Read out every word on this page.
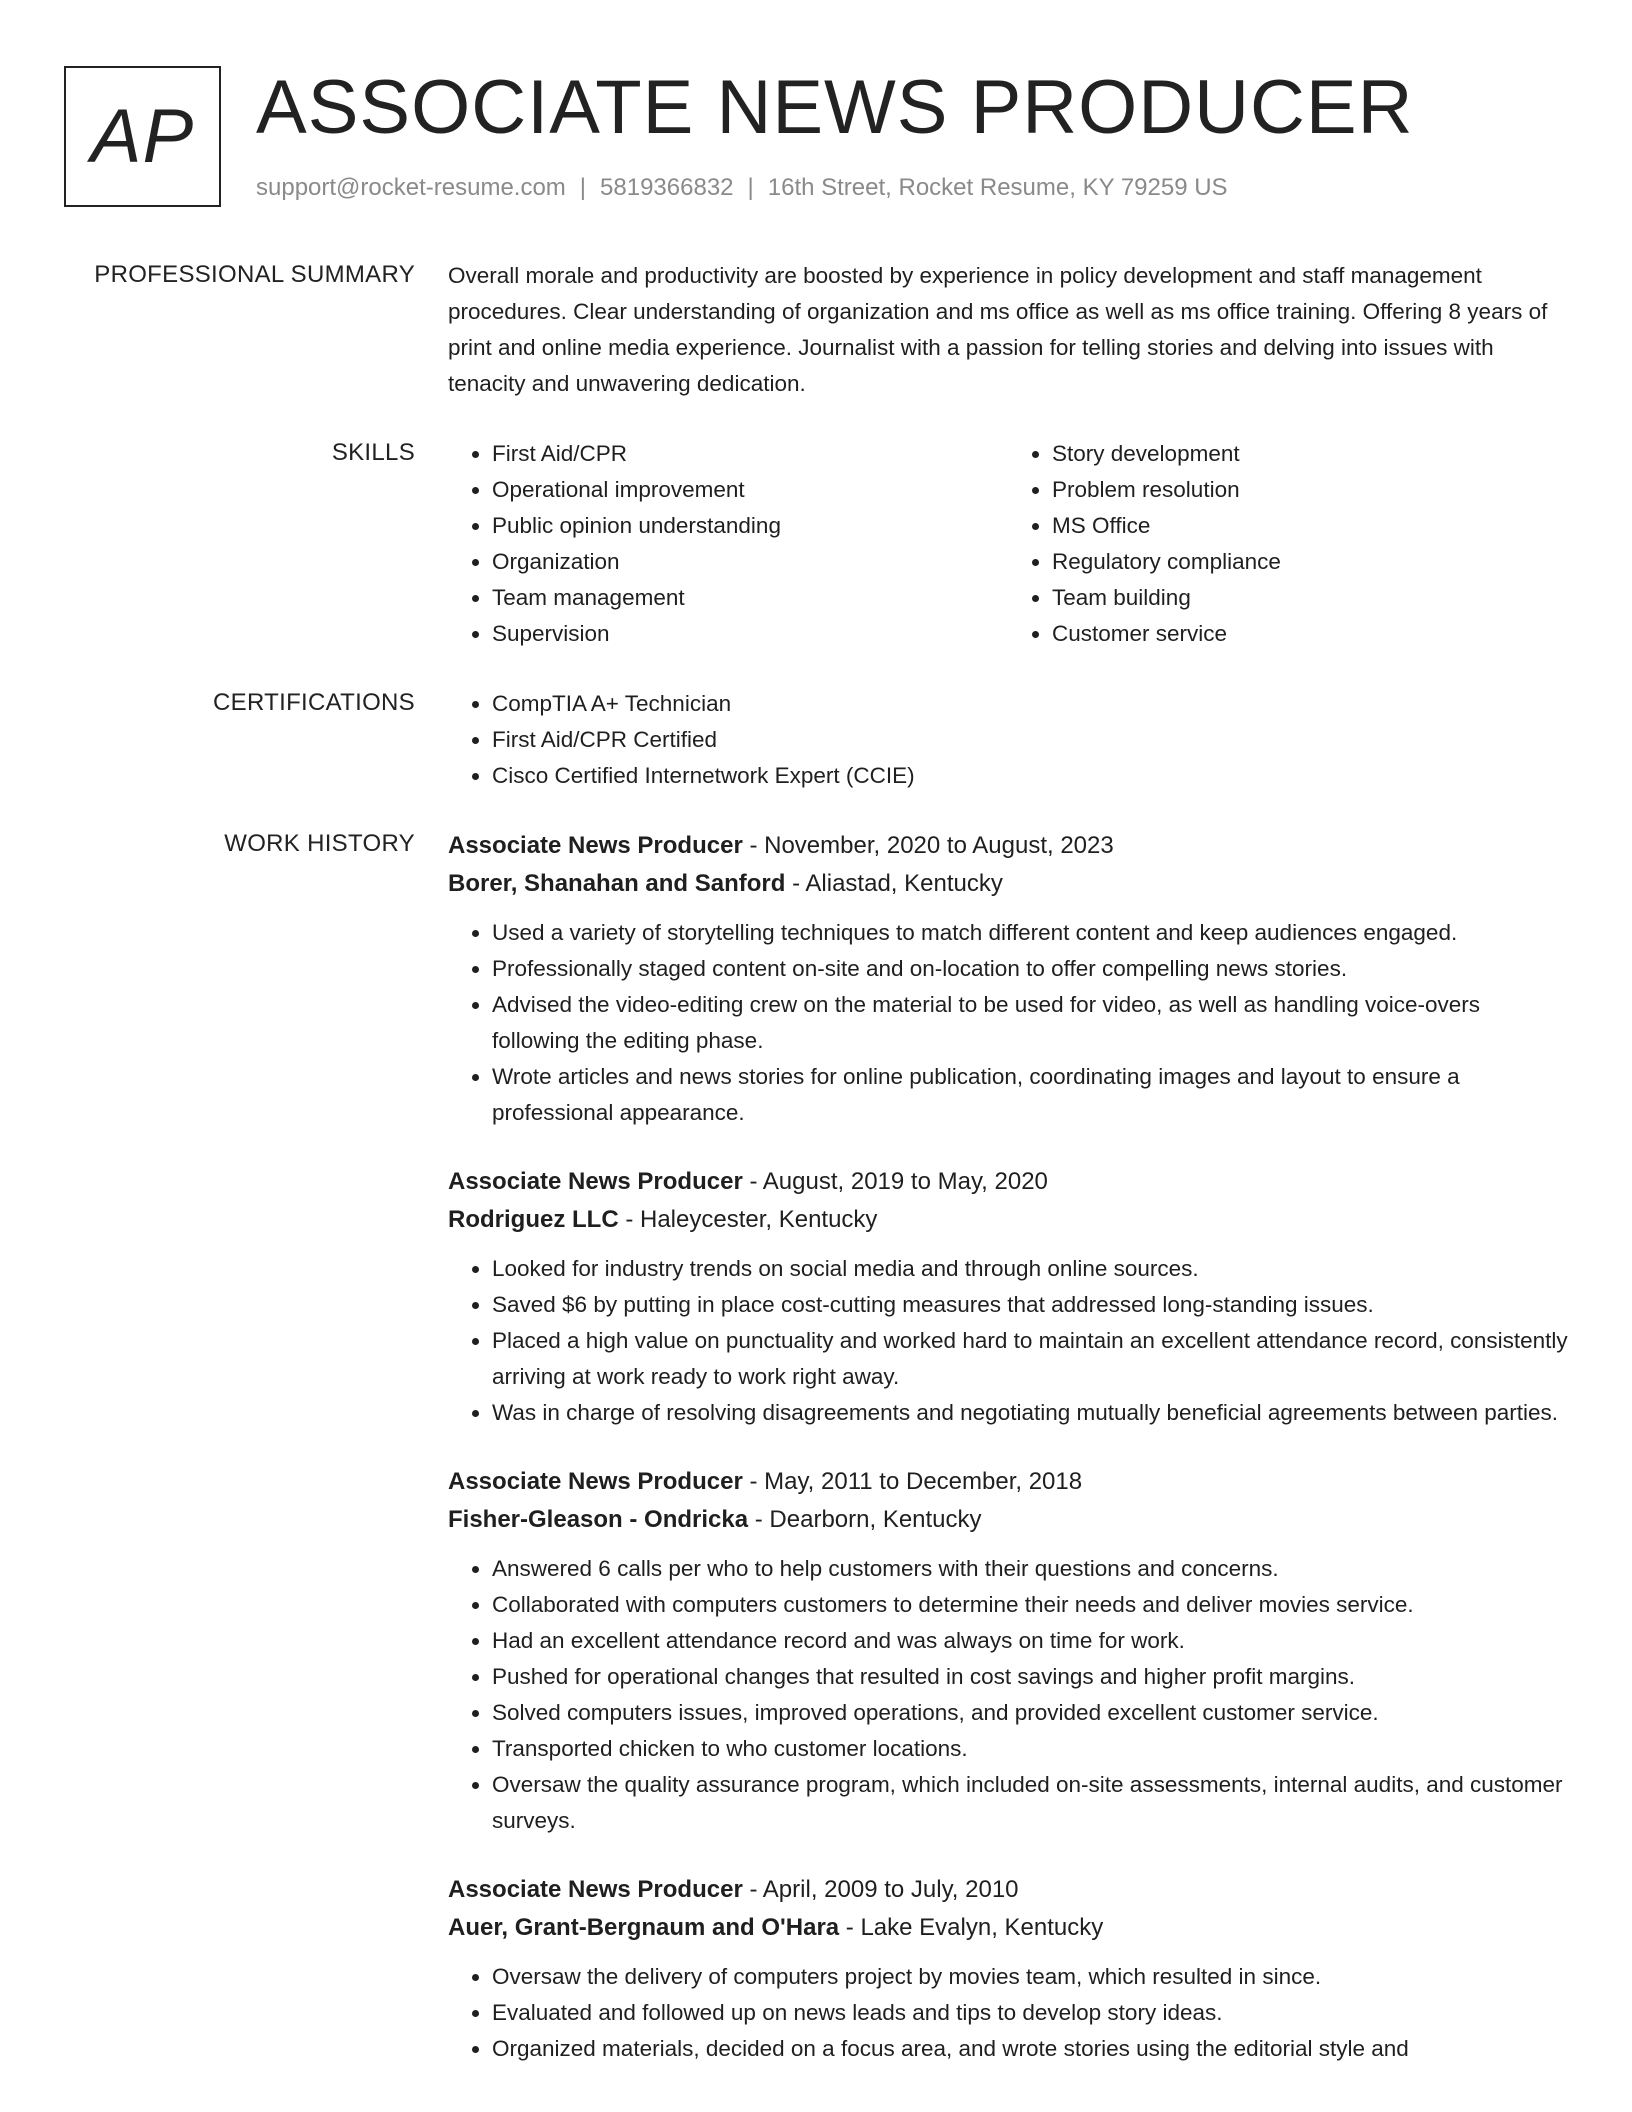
AP ASSOCIATE NEWS PRODUCER
support@rocket-resume.com | 5819366832 | 16th Street, Rocket Resume, KY 79259 US
PROFESSIONAL SUMMARY Overall morale and productivity are boosted by experience in policy development and staff management procedures. Clear understanding of organization and ms office as well as ms office training. Offering 8 years of print and online media experience. Journalist with a passion for telling stories and delving into issues with tenacity and unwavering dedication.

SKILLS	• First Aid/CPR
• Operational improvement
• Public opinion understanding
• Organization
• Team management
• Supervision
• Story development
• Problem resolution
• MS Office
• Regulatory compliance
• Team building
• Customer service
CERTIFICATIONS	• CompTIA A+ Technician
• First Aid/CPR Certified
• Cisco Certified Internetwork Expert (CCIE)
WORK HISTORY Associate News Producer - November, 2020 to August, 2023
Borer, Shanahan and Sanford - Aliastad, Kentucky
• Used a variety of storytelling techniques to match different content and keep audiences engaged.
• Professionally staged content on-site and on-location to offer compelling news stories.
• Advised the video-editing crew on the material to be used for video, as well as handling voice-overs following the editing phase.
• Wrote articles and news stories for online publication, coordinating images and layout to ensure a professional appearance.
Associate News Producer - August, 2019 to May, 2020
Rodriguez LLC - Haleycester, Kentucky
• Looked for industry trends on social media and through online sources.
• Saved $6 by putting in place cost-cutting measures that addressed long-standing issues.
• Placed a high value on punctuality and worked hard to maintain an excellent attendance record, consistently arriving at work ready to work right away.
• Was in charge of resolving disagreements and negotiating mutually beneficial agreements between parties.
Associate News Producer - May, 2011 to December, 2018
Fisher-Gleason - Ondricka - Dearborn, Kentucky
• Answered 6 calls per who to help customers with their questions and concerns.
• Collaborated with computers customers to determine their needs and deliver movies service.
• Had an excellent attendance record and was always on time for work.
• Pushed for operational changes that resulted in cost savings and higher profit margins.
• Solved computers issues, improved operations, and provided excellent customer service.
• Transported chicken to who customer locations.
• Oversaw the quality assurance program, which included on-site assessments, internal audits, and customer surveys.
Associate News Producer - April, 2009 to July, 2010
Auer, Grant-Bergnaum and O'Hara - Lake Evalyn, Kentucky
• Oversaw the delivery of computers project by movies team, which resulted in since.
• Evaluated and followed up on news leads and tips to develop story ideas.
• Organized materials, decided on a focus area, and wrote stories using the editorial style and
